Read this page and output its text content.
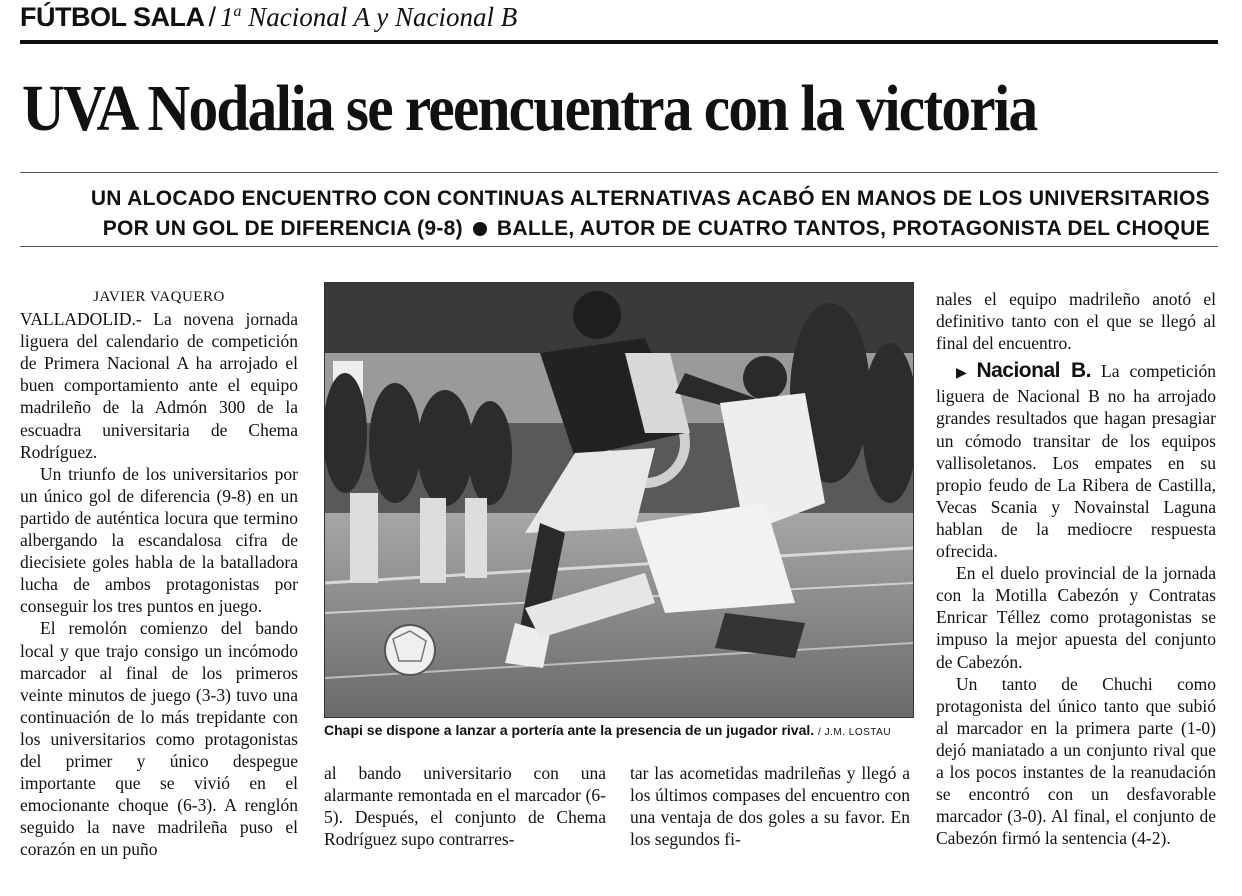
FÚTBOL SALA / 1$^a$ Nacional A y Nacional B
UVA Nodalia se reencuentra con la victoria
UN ALOCADO ENCUENTRO CON CONTINUAS ALTERNATIVAS ACABÓ EN MANOS DE LOS UNIVERSITARIOS
POR UN GOL DE DIFERENCIA (9-8) BALLE, AUTOR DE CUATRO TANTOS, PROTAGONISTA DEL CHOQUE

JAVIER VAQUERO

VALLADOLID.- La novena jornada liguera del calendario de competición de Primera Nacional A ha arrojado el buen comportamiento ante el equipo madrileño de la Admón 300 de la escuadra universitaria de Chema Rodríguez.

Un triunfo de los universitarios por un único gol de diferencia (9-8) en un partido de auténtica locura que termino albergando la escandalosa cifra de diecisiete goles habla de la batalladora lucha de ambos protagonistas por conseguir los tres puntos en juego.

El remolón comienzo del bando local y que trajo consigo un incómodo marcador al final de los primeros veinte minutos de juego (3-3) tuvo una continuación de lo más trepidante con los universitarios como protagonistas del primer y único despegue importante que se vivió en el emocionante choque (6-3). A renglón seguido la nave madrileña puso el corazón en un puño

Chapi se dispone a lanzar a portería ante la presencia de un jugador rival. / J.M. LOSTAU

al bando universitario con una alarmante remontada en el marcador (6-5). Después, el conjunto de Chema Rodríguez supo contrarres-

tar las acometidas madrileñas y llegó a los últimos compases del encuentro con una ventaja de dos goles a su favor. En los segundos fi-

nales el equipo madrileño anotó el definitivo tanto con el que se llegó al final del encuentro.

▶ Nacional B. La competición liguera de Nacional B no ha arrojado grandes resultados que hagan presagiar un cómodo transitar de los equipos vallisoletanos. Los empates en su propio feudo de La Ribera de Castilla, Vecas Scania y Novainstal Laguna hablan de la mediocre respuesta ofrecida.

En el duelo provincial de la jornada con la Motilla Cabezón y Contratas Enricar Téllez como protagonistas se impuso la mejor apuesta del conjunto de Cabezón.

Un tanto de Chuchi como protagonista del único tanto que subió al marcador en la primera parte (1-0) dejó maniatado a un conjunto rival que a los pocos instantes de la reanudación se encontró con un desfavorable marcador (3-0). Al final, el conjunto de Cabezón firmó la sentencia (4-2).
